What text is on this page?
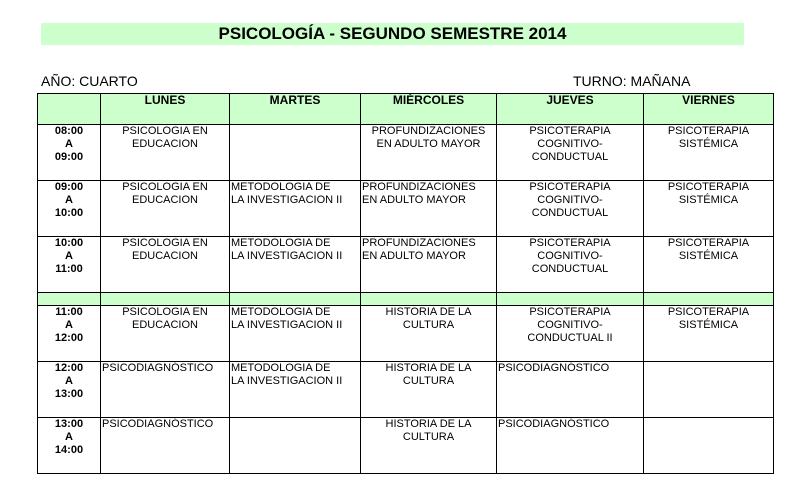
PSICOLOGÍA - SEGUNDO SEMESTRE 2014
AÑO: CUARTO	TURNO: MAÑANA
	LUNES	MARTES	MIÉRCOLES	JUEVES	VIERNES

08:00
A
09:00	PSICOLOGIA EN
EDUCACION		PROFUNDIZACIONES
EN ADULTO MAYOR	PSICOTERAPIA
COGNITIVO-
CONDUCTUAL	PSICOTERAPIA
SISTÉMICA

09:00
A
10:00	PSICOLOGIA EN
EDUCACION	METODOLOGIA DE
LA INVESTIGACION II	PROFUNDIZACIONES
EN ADULTO MAYOR	PSICOTERAPIA
COGNITIVO-
CONDUCTUAL	PSICOTERAPIA
SISTÉMICA

10:00
A
11:00	PSICOLOGIA EN
EDUCACION	METODOLOGIA DE
LA INVESTIGACION II	PROFUNDIZACIONES
EN ADULTO MAYOR	PSICOTERAPIA
COGNITIVO-
CONDUCTUAL	PSICOTERAPIA
SISTÉMICA

11:00
A
12:00	PSICOLOGIA EN
EDUCACION	METODOLOGIA DE
LA INVESTIGACION II	HISTORIA DE LA
CULTURA	PSICOTERAPIA
COGNITIVO-
CONDUCTUAL II	PSICOTERAPIA
SISTÉMICA

12:00
A
13:00	PSICODIAGNÓSTICO	METODOLOGIA DE
LA INVESTIGACION II	HISTORIA DE LA
CULTURA	PSICODIAGNÓSTICO	

13:00
A
14:00	PSICODIAGNÓSTICO		HISTORIA DE LA
CULTURA	PSICODIAGNÓSTICO	
